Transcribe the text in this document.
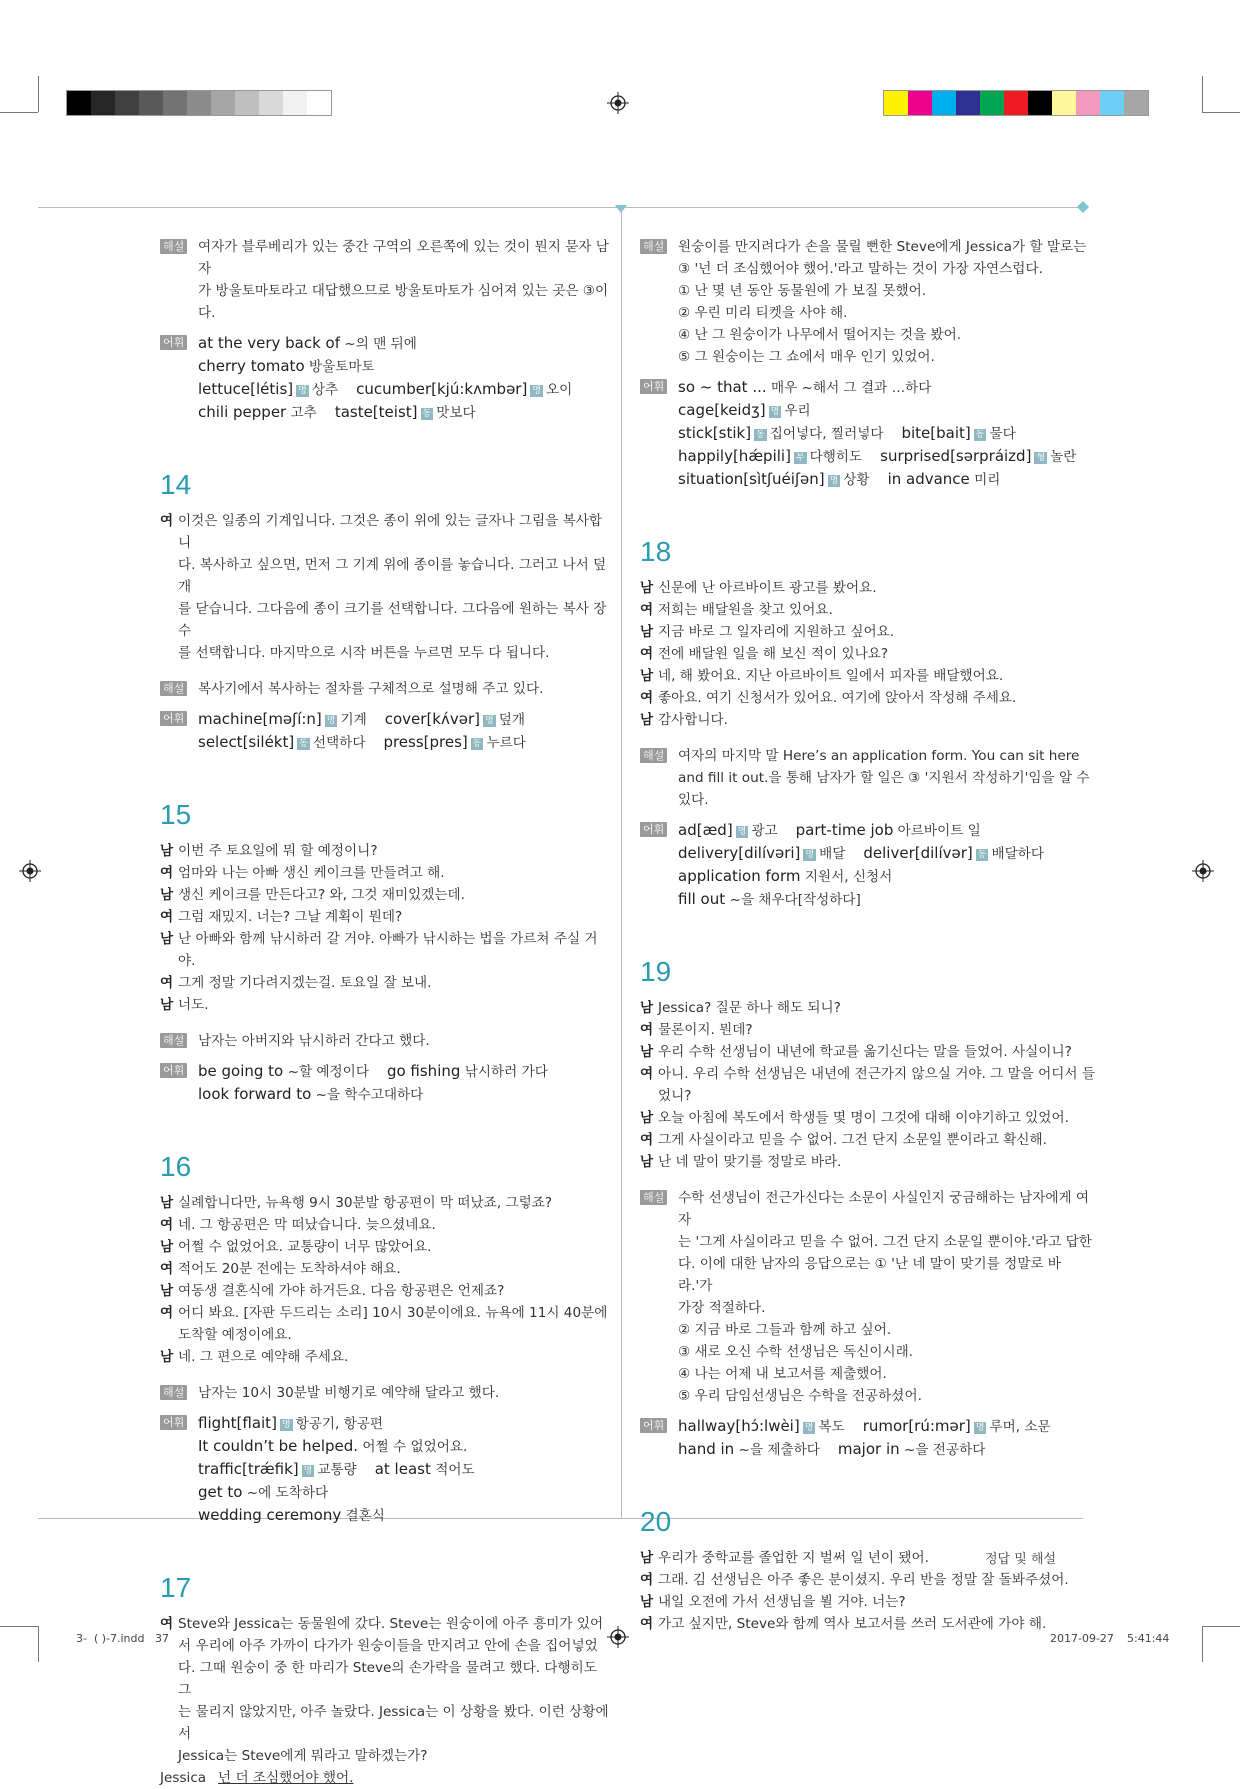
해설	여자가 블루베리가 있는 중간 구역의 오른쪽에 있는 것이 뭔지 묻자 남자
가 방울토마토라고 대답했으므로 방울토마토가 심어져 있는 곳은 ③이다.
어휘 at the very back of ~의 맨 뒤에cherry tomato 방울토마토
lettuce[létis] 명 상추 cucumber[kjú:kʌmbər] 명 오이
chili pepper 고추 taste[teist] 동 맛보다
14
여 이것은 일종의 기계입니다. 그것은 종이 위에 있는 글자나 그림을 복사합니
다. 복사하고 싶으면, 먼저 그 기계 위에 종이를 놓습니다. 그러고 나서 덮개
를 닫습니다. 그다음에 종이 크기를 선택합니다. 그다음에 원하는 복사 장수
를 선택합니다. 마지막으로 시작 버튼을 누르면 모두 다 됩니다.
해설	복사기에서 복사하는 절차를 구체적으로 설명해 주고 있다.
어휘 machine[məʃí:n] 명 기계 cover[kʌ́vər] 명 덮개
select[silékt] 동 선택하다 press[pres] 동 누르다
15
남 이번 주 토요일에 뭐 할 예정이니?
여 엄마와 나는 아빠 생신 케이크를 만들려고 해.
남 생신 케이크를 만든다고? 와, 그것 재미있겠는데.
여 그럼 재밌지. 너는? 그날 계획이 뭔데?
남 난 아빠와 함께 낚시하러 갈 거야. 아빠가 낚시하는 법을 가르쳐 주실 거야.
여 그게 정말 기다려지겠는걸. 토요일 잘 보내.
남 너도.
해설	남자는 아버지와 낚시하러 간다고 했다.
어휘 be going to ~할 예정이다 go fishing 낚시하러 가다
look forward to ~을 학수고대하다
16
남 실례합니다만, 뉴욕행 9시 30분발 항공편이 막 떠났죠, 그렇죠?
여 네. 그 항공편은 막 떠났습니다. 늦으셨네요.
남 어쩔 수 없었어요. 교통량이 너무 많았어요.
여 적어도 20분 전에는 도착하셔야 해요.
남 여동생 결혼식에 가야 하거든요. 다음 항공편은 언제죠?
여 어디 봐요. [자판 두드리는 소리] 10시 30분이에요. 뉴욕에 11시 40분에
도착할 예정이에요.
남 네. 그 편으로 예약해 주세요.
해설	남자는 10시 30분발 비행기로 예약해 달라고 했다.
어휘 flight[flait] 명 항공기, 항공편
It couldn’t be helped. 어쩔 수 없었어요.
traffic[trǽfik] 명 교통량 at least 적어도get to ~에 도착하다
wedding ceremony 결혼식
17
여 Steve와 Jessica는 동물원에 갔다. Steve는 원숭이에 아주 흥미가 있어
서 우리에 아주 가까이 다가가 원숭이들을 만지려고 안에 손을 집어넣었
다. 그때 원숭이 중 한 마리가 Steve의 손가락을 물려고 했다. 다행히도 그
는 물리지 않았지만, 아주 놀랐다. Jessica는 이 상황을 봤다. 이런 상황에서
Jessica는 Steve에게 뭐라고 말하겠는가?
Jessica 넌 더 조심했어야 했어.
해설	원숭이를 만지려다가 손을 물릴 뻔한 Steve에게 Jessica가 할 말로는
③ '넌 더 조심했어야 했어.'라고 말하는 것이 가장 자연스럽다.
① 난 몇 년 동안 동물원에 가 보질 못했어.
② 우린 미리 티켓을 사야 해.
④ 난 그 원숭이가 나무에서 떨어지는 것을 봤어.
⑤ 그 원숭이는 그 쇼에서 매우 인기 있었어.
어휘 so ~ that ... 매우 ~해서 그 결과 …하다cage[keidʒ] 명 우리
stick[stik] 동 집어넣다, 찔러넣다 bite[bait] 동 물다
happily[hǽpili] 부 다행히도 surprised[sərpráizd] 형 놀란
situation[sìtʃuéiʃən] 명 상황 in advance 미리
18
남 신문에 난 아르바이트 광고를 봤어요.
여 저희는 배달원을 찾고 있어요.
남 지금 바로 그 일자리에 지원하고 싶어요.
여 전에 배달원 일을 해 보신 적이 있나요?
남 네, 해 봤어요. 지난 아르바이트 일에서 피자를 배달했어요.
여 좋아요. 여기 신청서가 있어요. 여기에 앉아서 작성해 주세요.
남 감사합니다.
해설	여자의 마지막 말 Here’s an application form. You can sit here
and fill it out.을 통해 남자가 할 일은 ③ '지원서 작성하기'임을 알 수
있다.
어휘 ad[æd] 명 광고 part-time job 아르바이트 일
delivery[dilívəri] 명 배달 deliver[dilívər] 동 배달하다
application form 지원서, 신청서fill out ~을 채우다[작성하다]
19
남 Jessica? 질문 하나 해도 되니?
여 물론이지. 뭔데?
남 우리 수학 선생님이 내년에 학교를 옮기신다는 말을 들었어. 사실이니?
여 아니. 우리 수학 선생님은 내년에 전근가지 않으실 거야. 그 말을 어디서 들
었니?
남 오늘 아침에 복도에서 학생들 몇 명이 그것에 대해 이야기하고 있었어.
여 그게 사실이라고 믿을 수 없어. 그건 단지 소문일 뿐이라고 확신해.
남 난 네 말이 맞기를 정말로 바라.
해설	수학 선생님이 전근가신다는 소문이 사실인지 궁금해하는 남자에게 여자
는 '그게 사실이라고 믿을 수 없어. 그건 단지 소문일 뿐이야.'라고 답한
다. 이에 대한 남자의 응답으로는 ① '난 네 말이 맞기를 정말로 바라.'가
가장 적절하다.
② 지금 바로 그들과 함께 하고 싶어.
③ 새로 오신 수학 선생님은 독신이시래.
④ 나는 어제 내 보고서를 제출했어.
⑤ 우리 담임선생님은 수학을 전공하셨어.
어휘 hallway[hɔ́:lwèi] 명 복도 rumor[rú:mər] 명 루머, 소문
hand in ~을 제출하다 major in ~을 전공하다
20
남 우리가 중학교를 졸업한 지 벌써 일 년이 됐어.
여 그래. 김 선생님은 아주 좋은 분이셨지. 우리 반을 정말 잘 돌봐주셨어.
남 내일 오전에 가서 선생님을 뵐 거야. 너는?
여 가고 싶지만, Steve와 함께 역사 보고서를 쓰러 도서관에 가야 해.
정답 및 해설
3-  ( )-7.indd   37	2017-09-27 5:41:44
